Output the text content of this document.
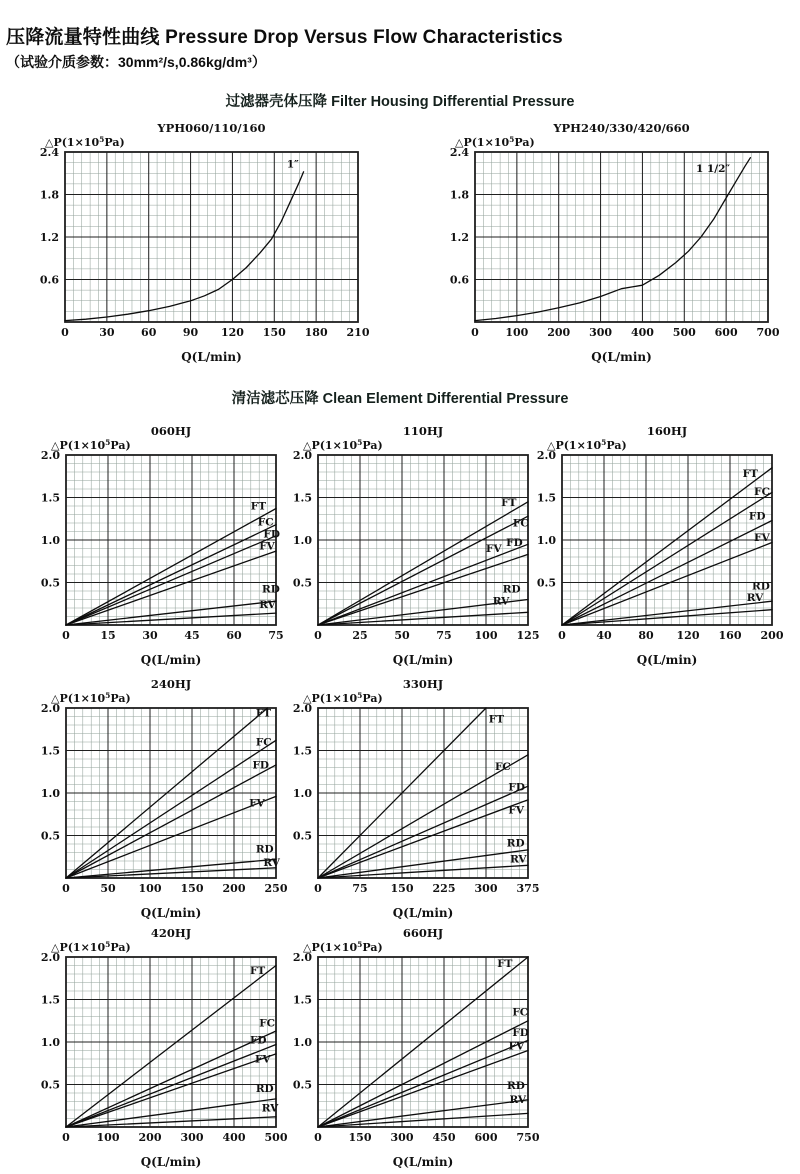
压降流量特性曲线 Pressure Drop Versus Flow Characteristics

（试验介质参数：30mm²/s,0.86kg/dm³）

过滤器壳体压降 Filter Housing Differential Pressure
清洁滤芯压降 Clean Element Differential Pressure
0	30 60 90 120 150 180 210
0.6
1.2
1.8
2.4
YPH060/110/160
$\triangle P(1\times 10^5Pa)$
Q(L/min)
1″
0 100 200 300 400 500 600 700
0.6
1.2
1.8
2.4
YPH240/330/420/660
$\triangle P(1\times 10^5Pa)$
Q(L/min)
1 1/2″
0	15 30 45 60 75
0.5
1.0
1.5
2.0
060HJ
$\triangle P(1\times 10^5Pa)$
Q(L/min)
FT
FC
FD
FV
RD
RV
0	25 50 75 100 125
0.5
1.0
1.5
2.0
110HJ
$\triangle P(1\times 10^5Pa)$
Q(L/min)
FT
FC
FD
FV
RD
RV
0	40 80 120 160 200
0.5
1.0
1.5
2.0
160HJ
$\triangle P(1\times 10^5Pa)$
Q(L/min)
FT
FC
FD
FV
RD
RV
0	50 100 150 200 250
0.5
1.0
1.5
2.0
240HJ
$\triangle P(1\times 10^5Pa)$
Q(L/min)
FT
FC
FD
FV
RD
RV
0	75 150 225 300 375
0.5
1.0
1.5
2.0
330HJ
$\triangle P(1\times 10^5Pa)$
Q(L/min)
FT
FC
FD
FV
RD
RV
0 100 200 300 400 500
0.5
1.0
1.5
2.0
420HJ
$\triangle P(1\times 10^5Pa)$
Q(L/min)
FT
FC
FD
FV
RD
RV
0 150 300 450 600 750
0.5
1.0
1.5
2.0
660HJ
$\triangle P(1\times 10^5Pa)$
Q(L/min)
FT
FC
FD
FV
RD
RV
